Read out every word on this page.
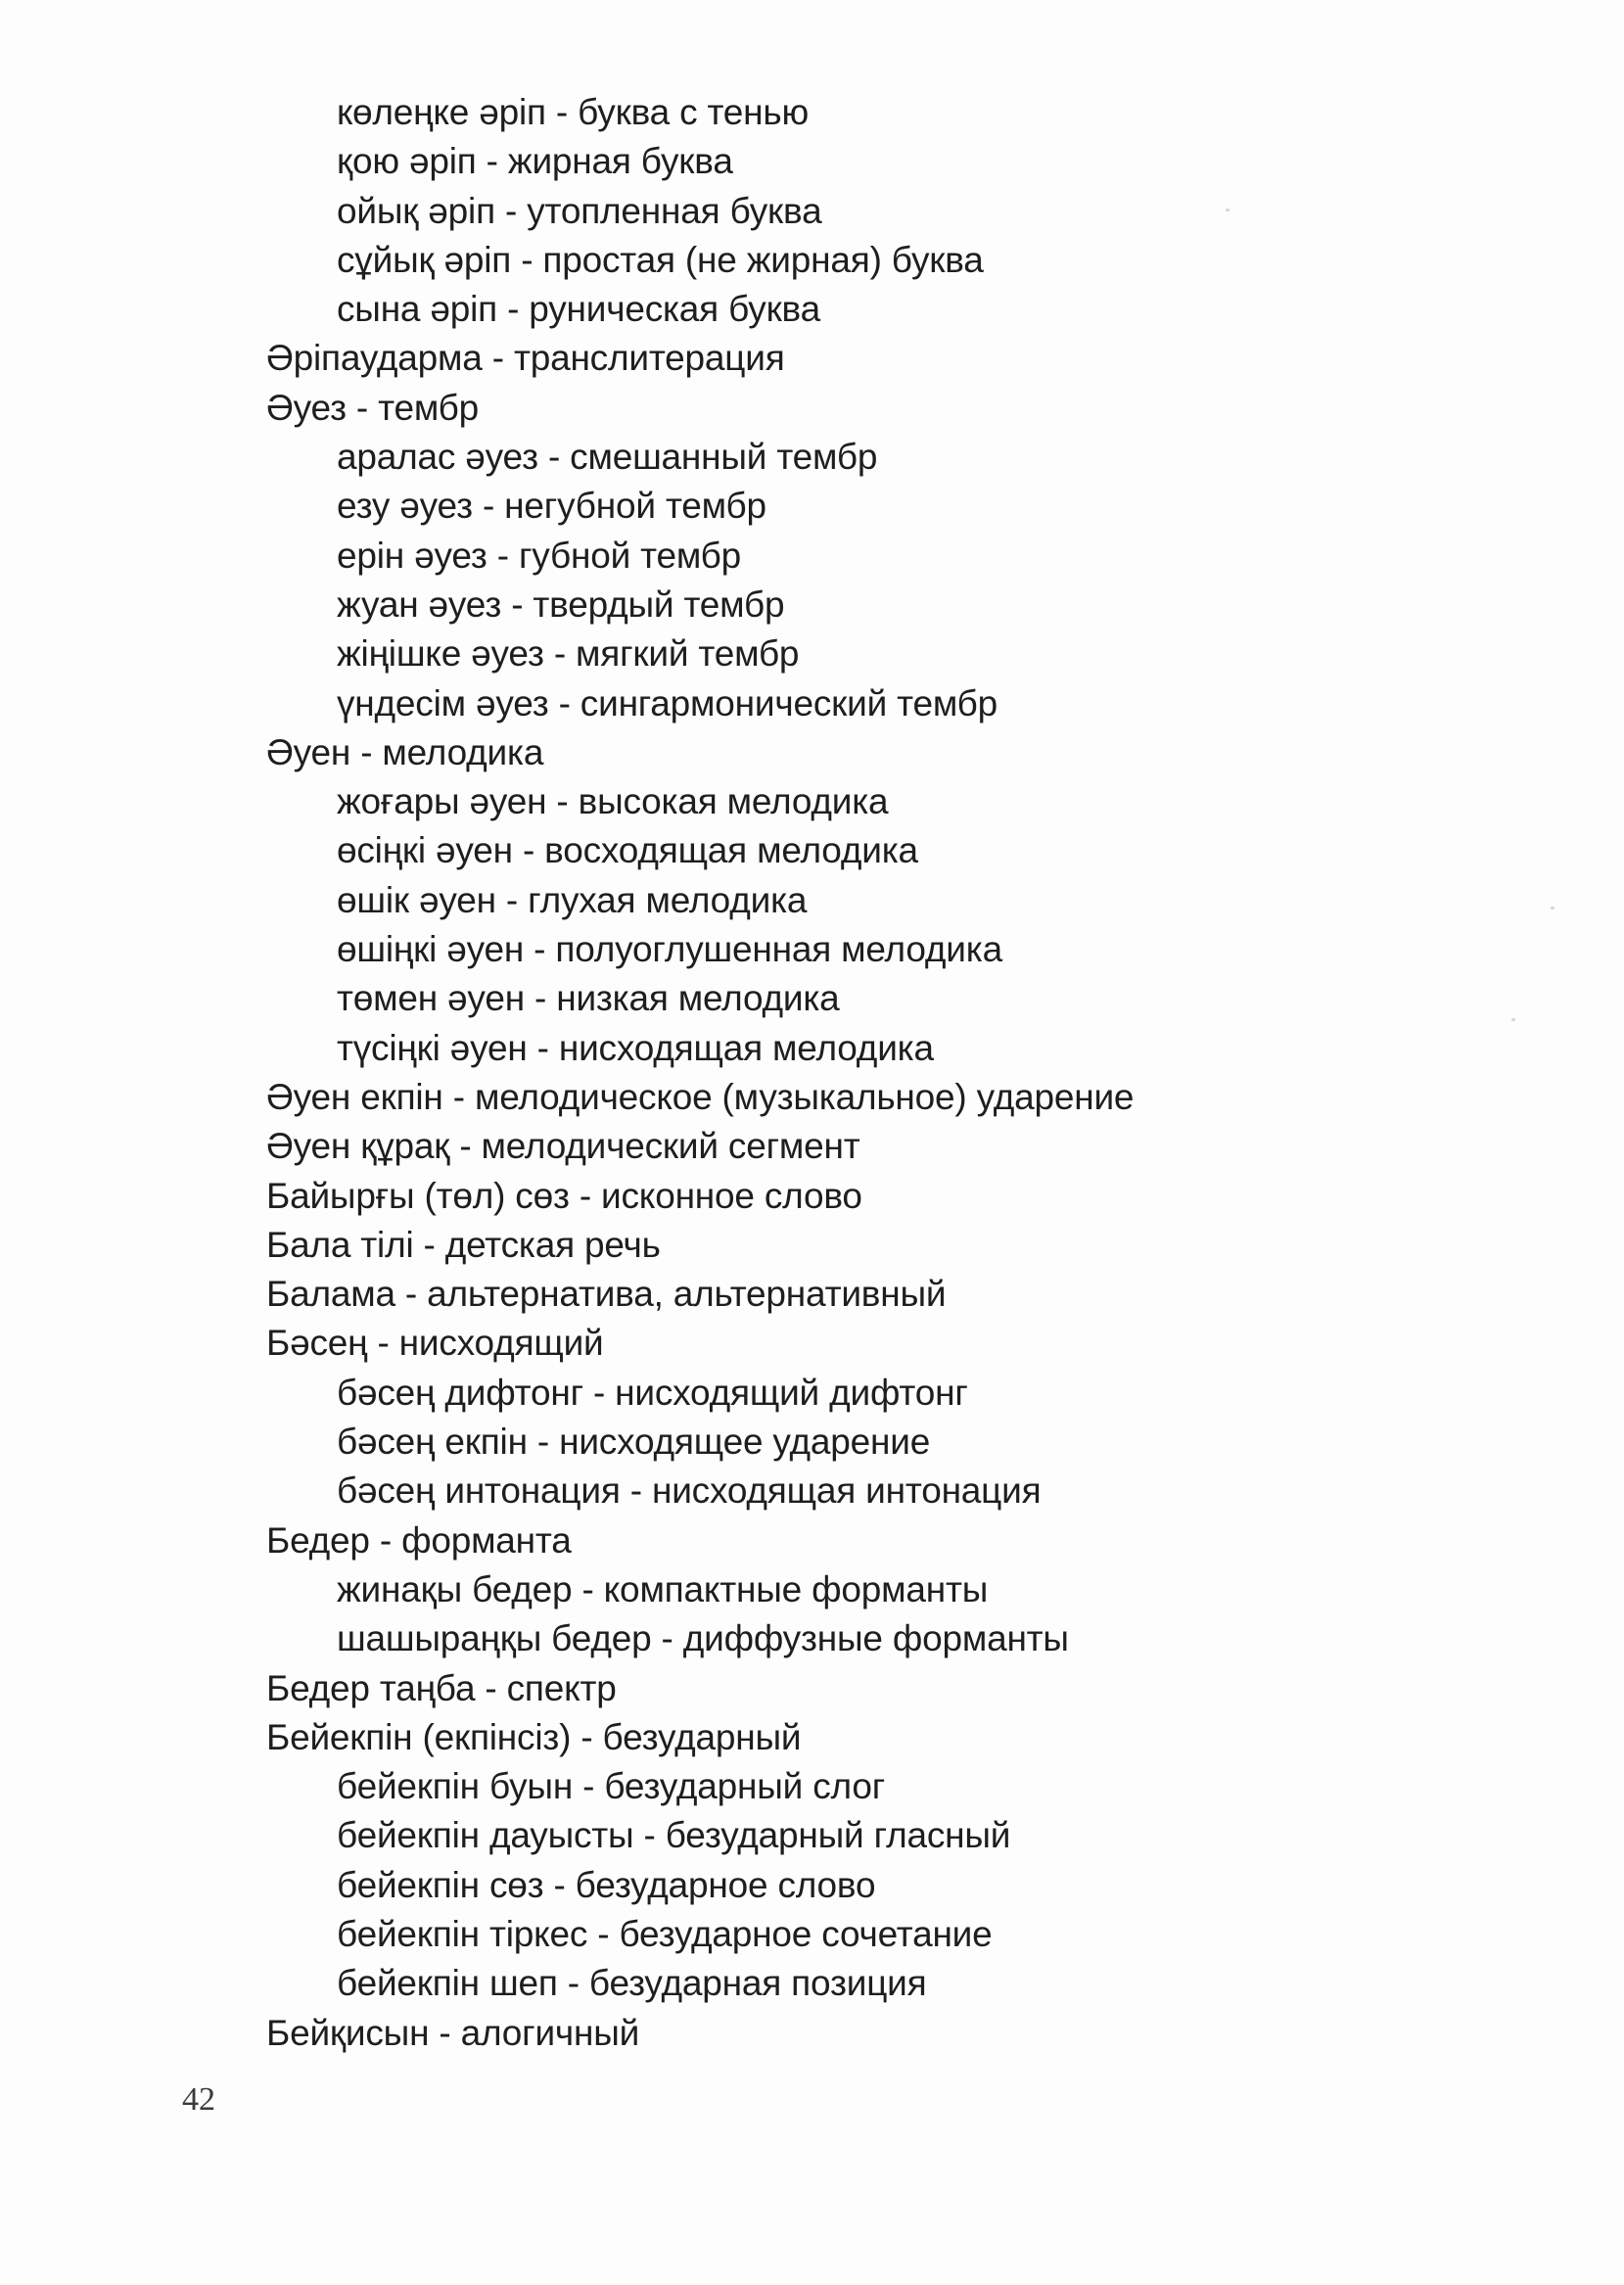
көлеңке әріп - буква с тенью
қою әріп - жирная буква
ойық әріп - утопленная буква
сұйық әріп - простая (не жирная) буква
сына әріп - руническая буква
Әріпаударма - транслитерация
Әуез - тембр
аралас әуез - смешанный тембр
езу әуез - негубной тембр
ерін әуез - губной тембр
жуан әуез - твердый тембр
жіңішке әуез - мягкий тембр
үндесім әуез - сингармонический тембр
Әуен - мелодика
жоғары әуен - высокая мелодика
өсіңкі әуен - восходящая мелодика
өшік әуен - глухая мелодика
өшіңкі әуен - полуоглушенная мелодика
төмен әуен - низкая мелодика
түсіңкі әуен - нисходящая мелодика
Әуен екпін - мелодическое (музыкальное) ударение
Әуен құрақ - мелодический сегмент
Байырғы (төл) сөз - исконное слово
Бала тілі - детская речь
Балама - альтернатива, альтернативный
Бәсең - нисходящий
бәсең дифтонг - нисходящий дифтонг
бәсең екпін - нисходящее ударение
бәсең интонация - нисходящая интонация
Бедер - форманта
жинақы бедер - компактные форманты
шашыраңқы бедер - диффузные форманты
Бедер таңба - спектр
Бейекпін (екпінсіз) - безударный
бейекпін буын - безударный слог
бейекпін дауысты - безударный гласный
бейекпін сөз - безударное слово
бейекпін тіркес - безударное сочетание
бейекпін шеп - безударная позиция
Бейқисын - алогичный
42
